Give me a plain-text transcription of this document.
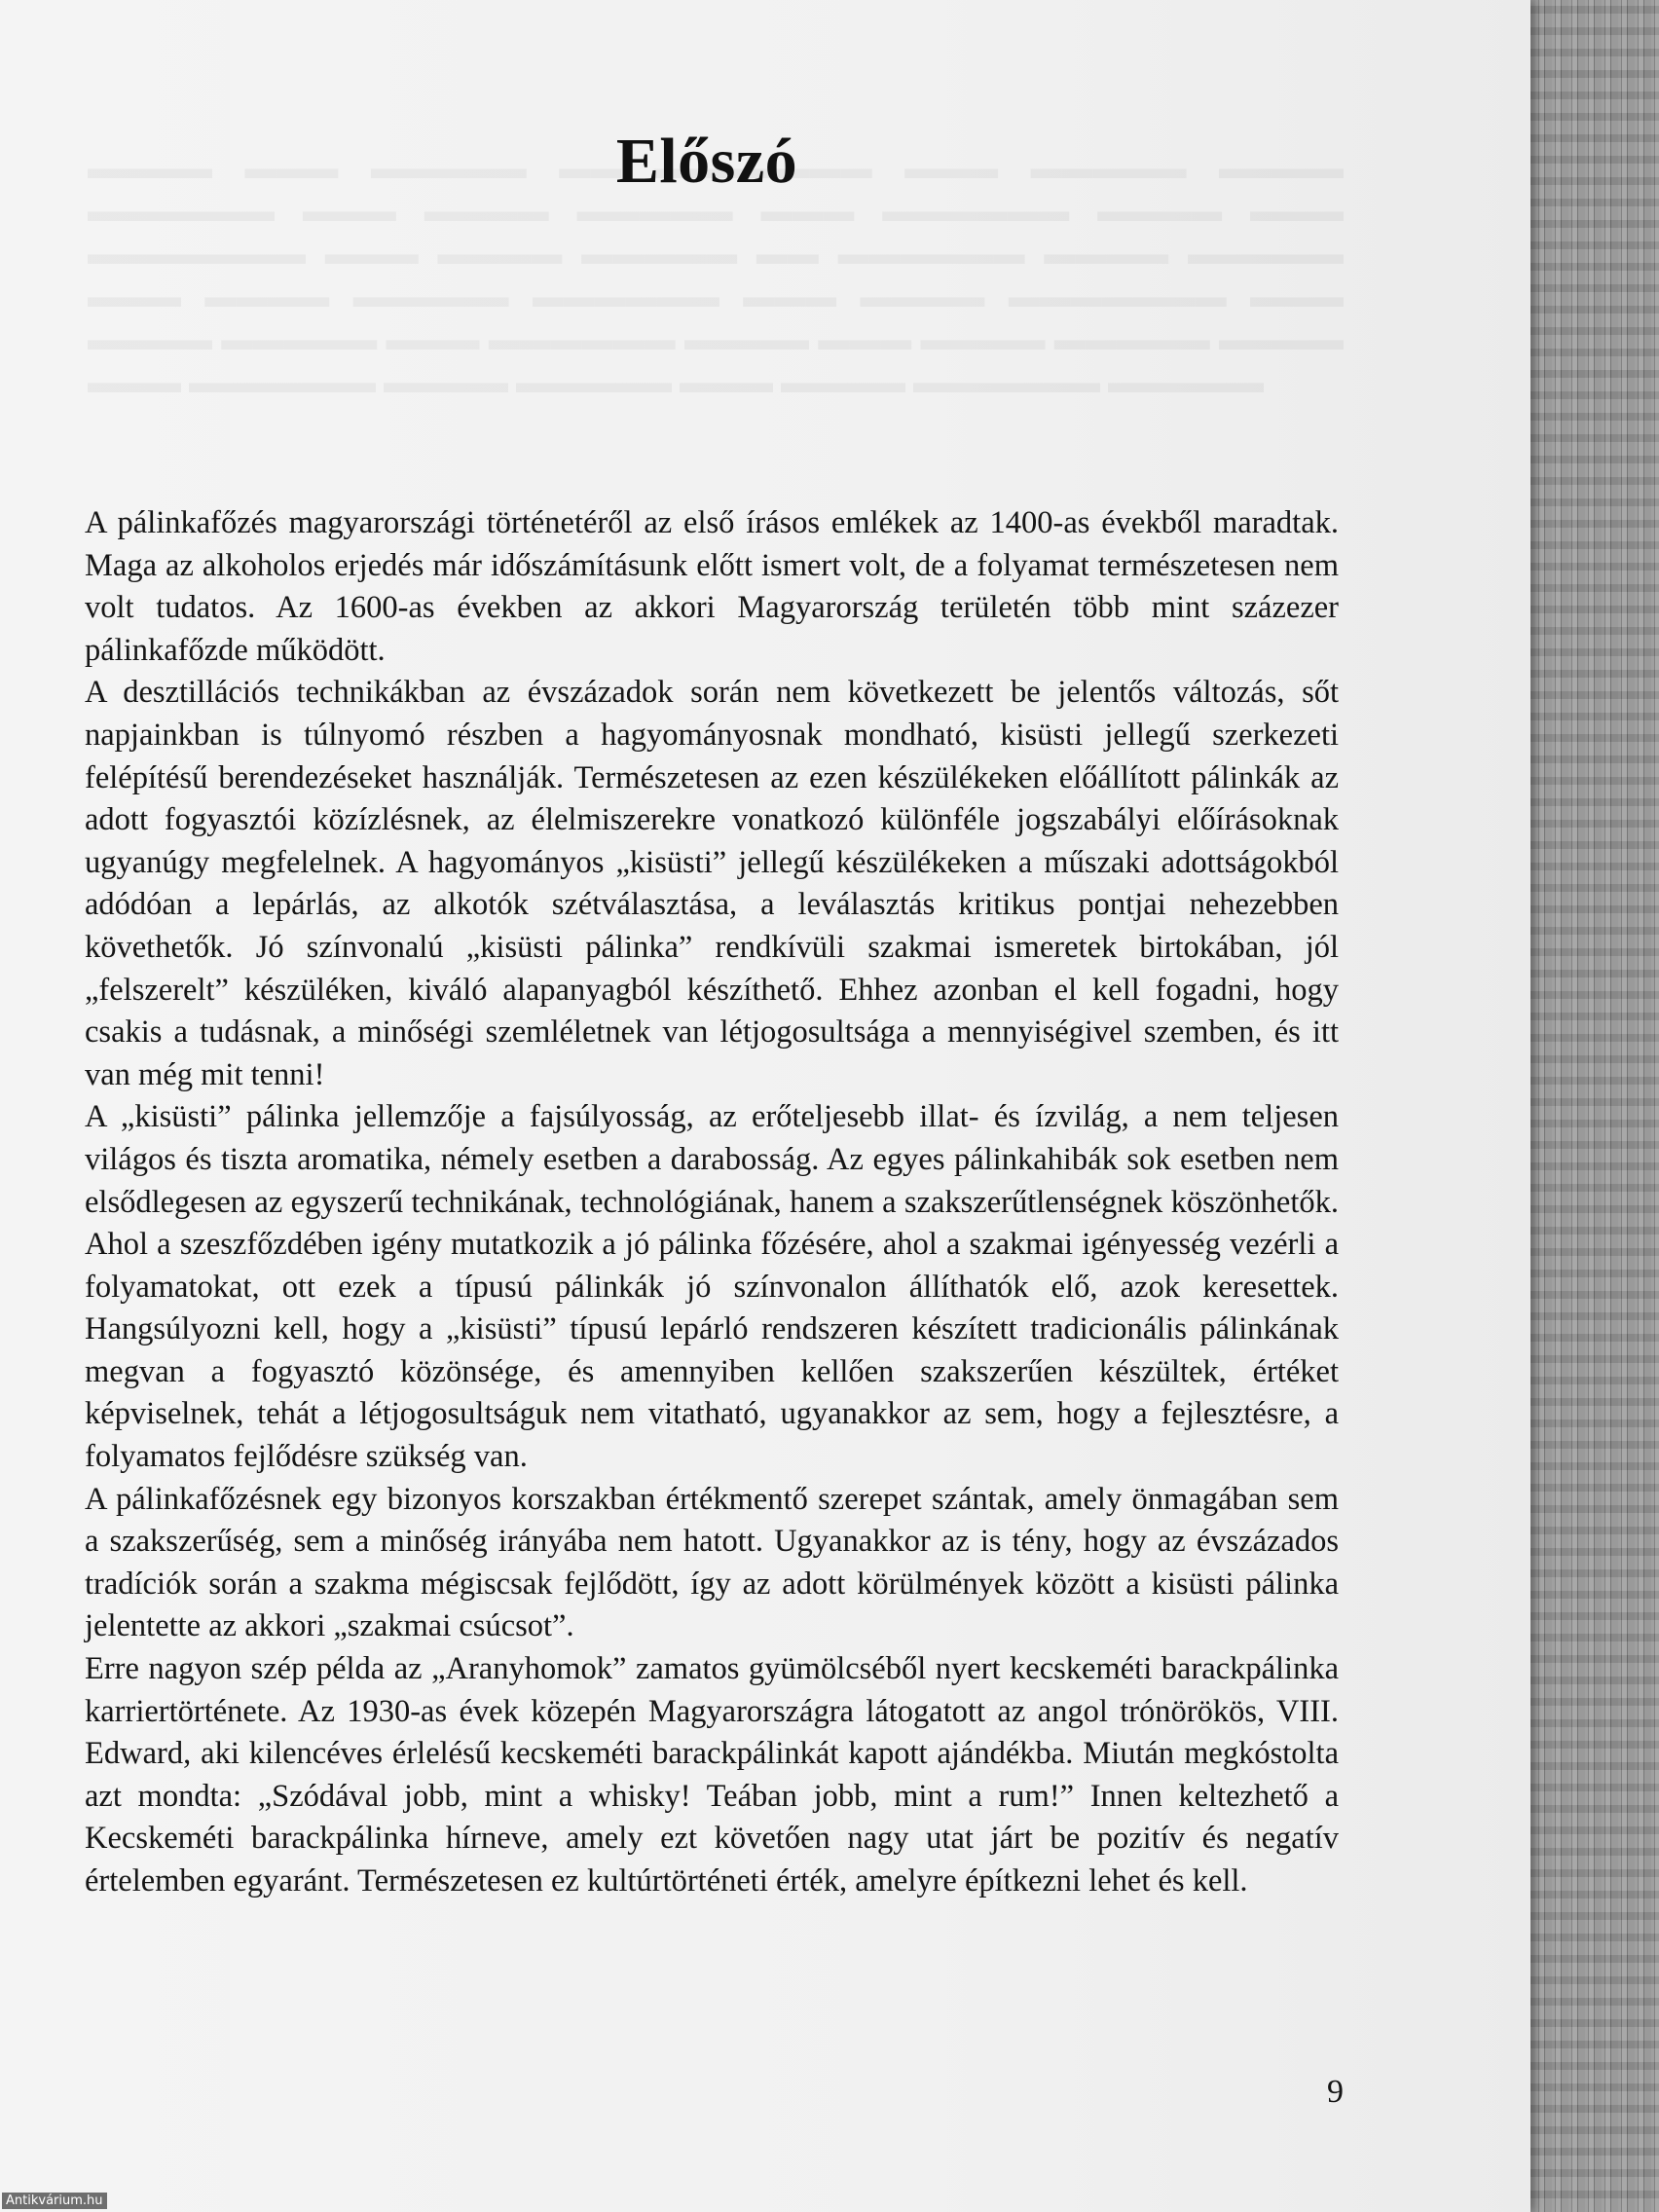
Előszó

A pálinkafőzés magyarországi történetéről az első írásos emlékek az 1400-as évekből maradtak. Maga az alkoholos erjedés már időszámításunk előtt ismert volt, de a folyamat természetesen nem volt tudatos. Az 1600-as években az akkori Magyarország területén több mint százezer pálinkafőzde működött.

A desztillációs technikákban az évszázadok során nem következett be jelentős változás, sőt napjainkban is túlnyomó részben a hagyományosnak mondható, kisüsti jellegű szerkezeti felépítésű berendezéseket használják. Természetesen az ezen készülékeken előállított pálinkák az adott fogyasztói közízlésnek, az élelmiszerekre vonatkozó különféle jogszabályi előírásoknak ugyanúgy megfelelnek. A hagyományos „kisüsti” jellegű készülékeken a műszaki adottságokból adódóan a lepárlás, az alkotók szétválasztása, a leválasztás kritikus pontjai nehezebben követhetők. Jó színvonalú „kisüsti pálinka” rendkívüli szakmai ismeretek birtokában, jól „felszerelt” készüléken, kiváló alapanyagból készíthető. Ehhez azonban el kell fogadni, hogy csakis a tudásnak, a minőségi szemléletnek van létjogosultsága a mennyiségivel szemben, és itt van még mit tenni!

A „kisüsti” pálinka jellemzője a fajsúlyosság, az erőteljesebb illat- és ízvilág, a nem teljesen világos és tiszta aromatika, némely esetben a darabosság. Az egyes pálinkahibák sok esetben nem elsődlegesen az egyszerű technikának, technológiának, hanem a szakszerűtlenségnek köszönhetők. Ahol a szeszfőzdében igény mutatkozik a jó pálinka főzésére, ahol a szakmai igényesség vezérli a folyamatokat, ott ezek a típusú pálinkák jó színvonalon állíthatók elő, azok keresettek. Hangsúlyozni kell, hogy a „kisüsti” típusú lepárló rendszeren készített tradicionális pálinkának megvan a fogyasztó közönsége, és amennyiben kellően szakszerűen készültek, értéket képviselnek, tehát a létjogosultságuk nem vitatható, ugyanakkor az sem, hogy a fejlesztésre, a folyamatos fejlődésre szükség van.

A pálinkafőzésnek egy bizonyos korszakban értékmentő szerepet szántak, amely önmagában sem a szakszerűség, sem a minőség irányába nem hatott. Ugyanakkor az is tény, hogy az évszázados tradíciók során a szakma mégiscsak fejlődött, így az adott körülmények között a kisüsti pálinka jelentette az akkori „szakmai csúcsot”.

Erre nagyon szép példa az „Aranyhomok” zamatos gyümölcséből nyert kecskeméti barackpálinka karriertörténete. Az 1930-as évek közepén Magyarországra látogatott az angol trónörökös, VIII. Edward, aki kilencéves érlelésű kecskeméti barackpálinkát kapott ajándékba. Miután megkóstolta azt mondta: „Szódával jobb, mint a whisky! Teában jobb, mint a rum!” Innen keltezhető a Kecskeméti barackpálinka hírneve, amely ezt követően nagy utat járt be pozitív és negatív értelemben egyaránt. Természetesen ez kultúrtörténeti érték, amelyre építkezni lehet és kell.

9
Antikvárium.hu
